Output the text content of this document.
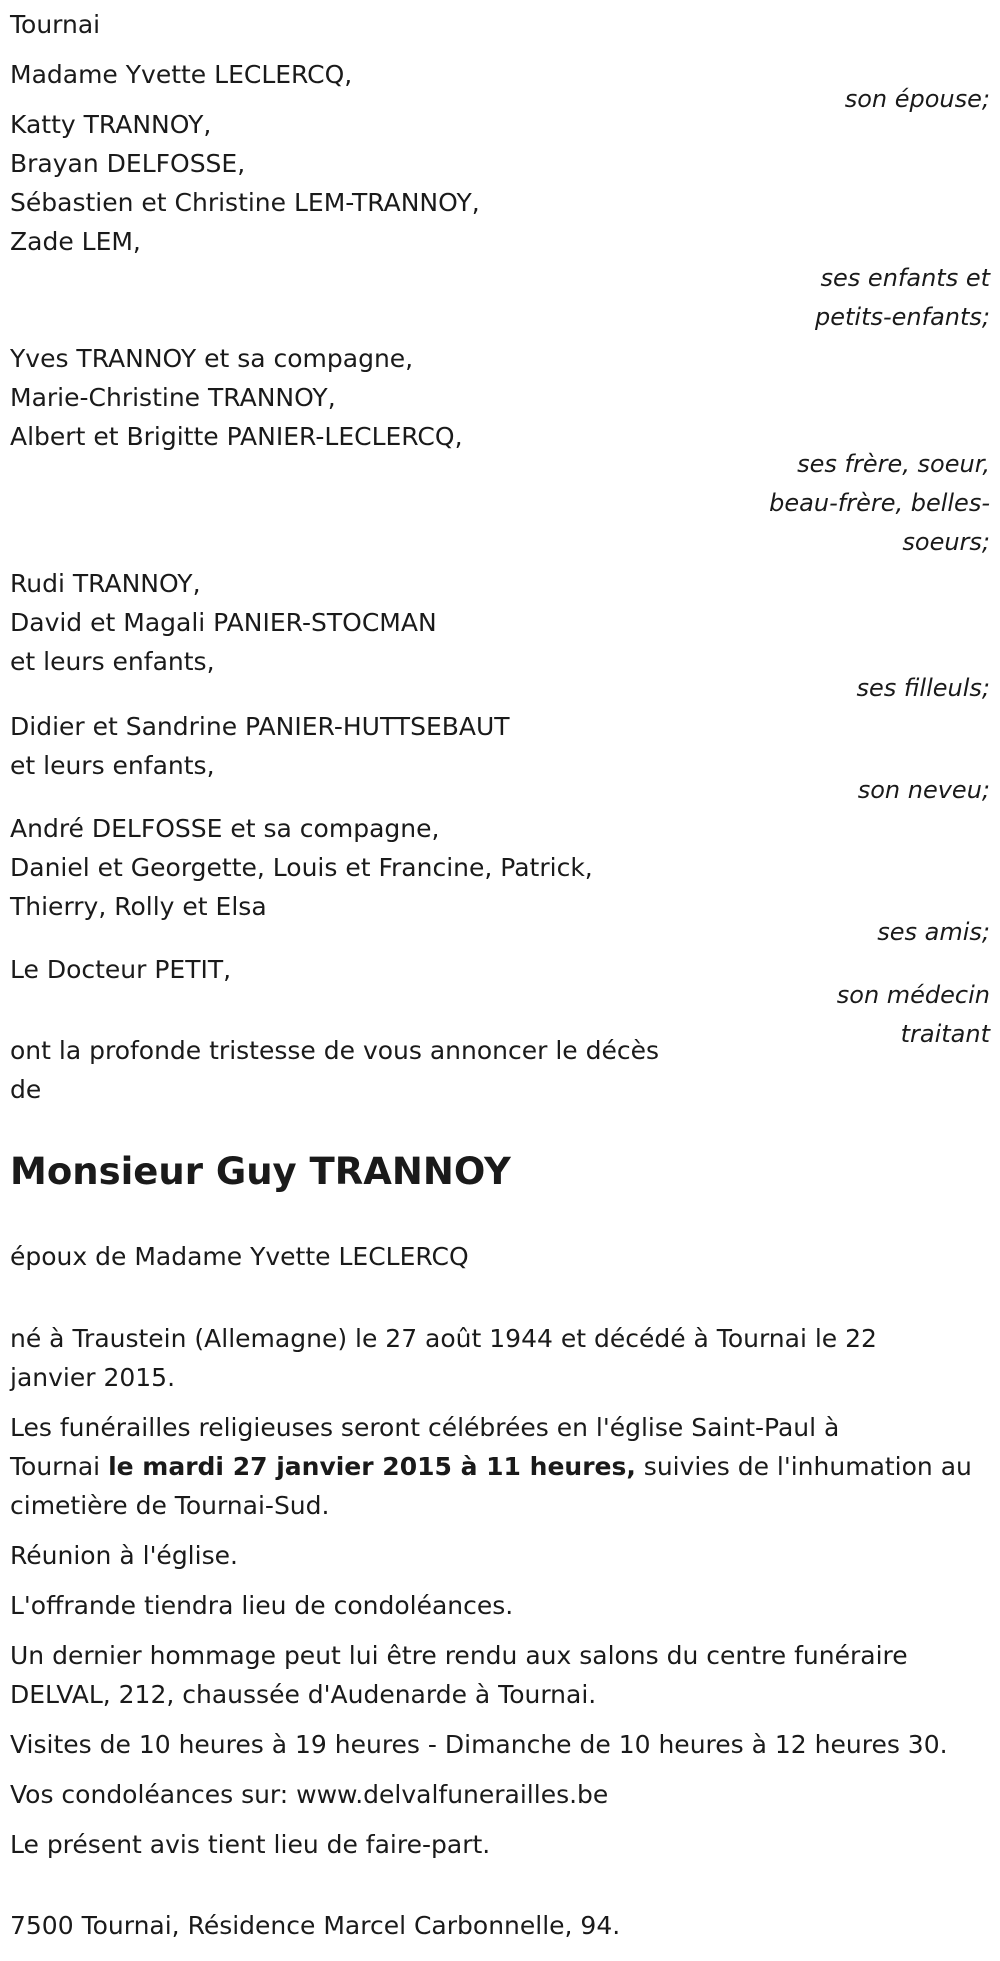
Tournai

Madame Yvette LECLERCQ,

son épouse;

Katty TRANNOY,

Brayan DELFOSSE,

Sébastien et Christine LEM-TRANNOY,

Zade LEM,

ses enfants et

petits-enfants;

Yves TRANNOY et sa compagne,

Marie-Christine TRANNOY,

Albert et Brigitte PANIER-LECLERCQ,

ses frère, soeur,

beau-frère, belles-

soeurs;

Rudi TRANNOY,

David et Magali PANIER-STOCMAN

et leurs enfants,

ses filleuls;

Didier et Sandrine PANIER-HUTTSEBAUT

et leurs enfants,

son neveu;

André DELFOSSE et sa compagne,

Daniel et Georgette, Louis et Francine, Patrick,

Thierry, Rolly et Elsa

ses amis;

Le Docteur PETIT,

son médecin

traitant

ont la profonde tristesse de vous annoncer le décès

de

Monsieur Guy TRANNOY

époux de Madame Yvette LECLERCQ

né à Traustein (Allemagne) le 27 août 1944 et décédé à Tournai le 22

janvier 2015.

Les funérailles religieuses seront célébrées en l'église Saint-Paul à

Tournai le mardi 27 janvier 2015 à 11 heures, suivies de l'inhumation au

cimetière de Tournai-Sud.

Réunion à l'église.

L'offrande tiendra lieu de condoléances.

Un dernier hommage peut lui être rendu aux salons du centre funéraire

DELVAL, 212, chaussée d'Audenarde à Tournai.

Visites de 10 heures à 19 heures - Dimanche de 10 heures à 12 heures 30.

Vos condoléances sur: www.delvalfunerailles.be

Le présent avis tient lieu de faire-part.

7500 Tournai, Résidence Marcel Carbonnelle, 94.
